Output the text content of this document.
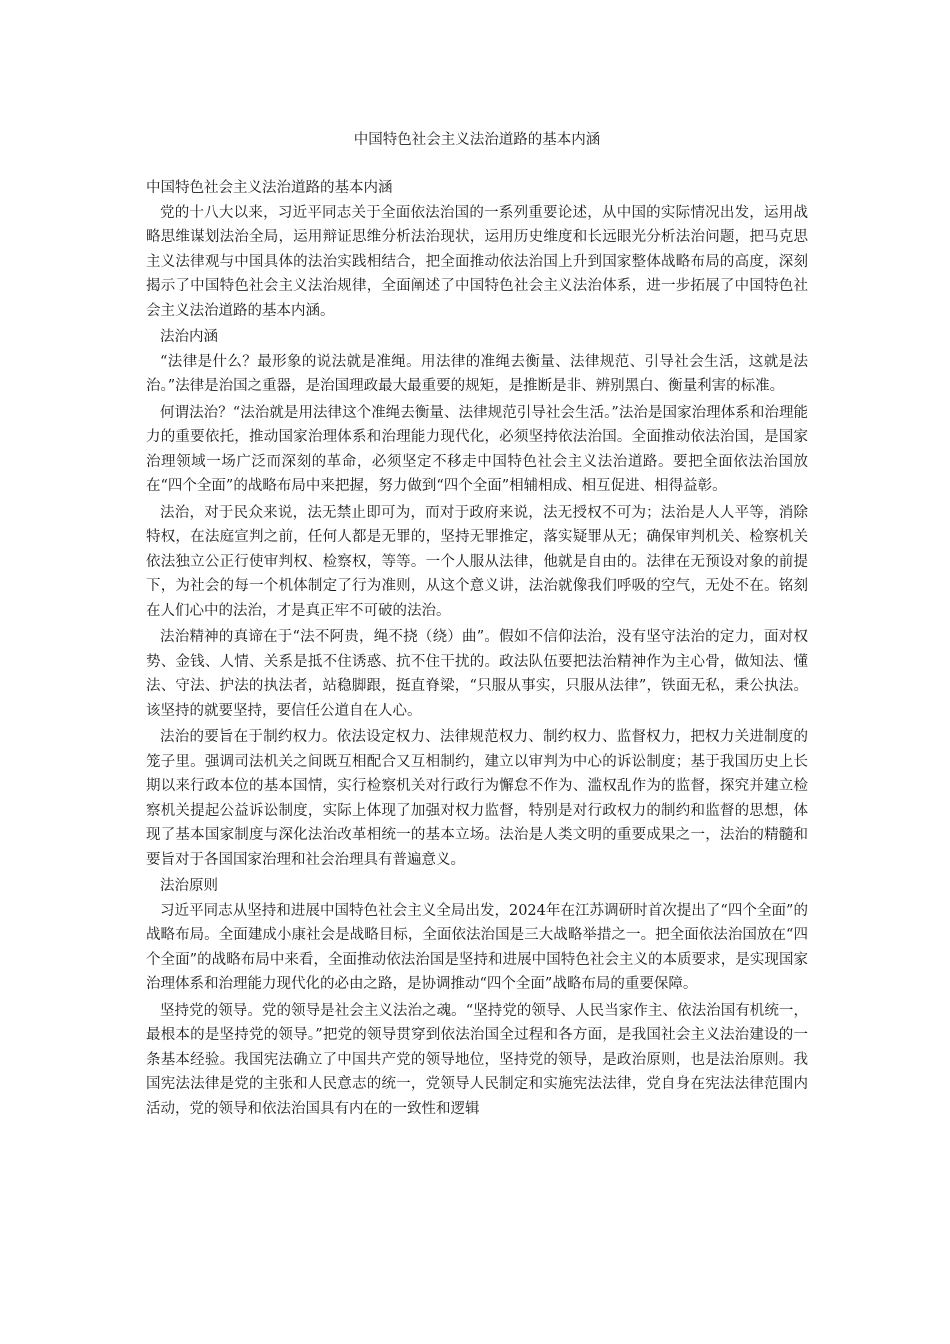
中国特色社会主义法治道路的基本内涵
中国特色社会主义法治道路的基本内涵

党的十八大以来，习近平同志关于全面依法治国的一系列重要论述，从中国的实际情况出发，运用战略思维谋划法治全局，运用辩证思维分析法治现状，运用历史维度和长远眼光分析法治问题，把马克思主义法律观与中国具体的法治实践相结合，把全面推动依法治国上升到国家整体战略布局的高度，深刻揭示了中国特色社会主义法治规律，全面阐述了中国特色社会主义法治体系，进一步拓展了中国特色社会主义法治道路的基本内涵。

法治内涵

“法律是什么？最形象的说法就是准绳。用法律的准绳去衡量、法律规范、引导社会生活，这就是法治。”法律是治国之重器，是治国理政最大最重要的规矩，是推断是非、辨别黑白、衡量利害的标准。

何谓法治？“法治就是用法律这个准绳去衡量、法律规范引导社会生活。”法治是国家治理体系和治理能力的重要依托，推动国家治理体系和治理能力现代化，必须坚持依法治国。全面推动依法治国，是国家治理领域一场广泛而深刻的革命，必须坚定不移走中国特色社会主义法治道路。要把全面依法治国放在“四个全面”的战略布局中来把握，努力做到“四个全面”相辅相成、相互促进、相得益彰。

法治，对于民众来说，法无禁止即可为，而对于政府来说，法无授权不可为；法治是人人平等，消除特权，在法庭宣判之前，任何人都是无罪的，坚持无罪推定，落实疑罪从无；确保审判机关、检察机关依法独立公正行使审判权、检察权，等等。一个人服从法律，他就是自由的。法律在无预设对象的前提下，为社会的每一个机体制定了行为准则，从这个意义讲，法治就像我们呼吸的空气，无处不在。铭刻在人们心中的法治，才是真正牢不可破的法治。

法治精神的真谛在于“法不阿贵，绳不挠（绕）曲”。假如不信仰法治，没有坚守法治的定力，面对权势、金钱、人情、关系是抵不住诱惑、抗不住干扰的。政法队伍要把法治精神作为主心骨，做知法、懂法、守法、护法的执法者，站稳脚跟，挺直脊梁，“只服从事实，只服从法律”，铁面无私，秉公执法。该坚持的就要坚持，要信任公道自在人心。

法治的要旨在于制约权力。依法设定权力、法律规范权力、制约权力、监督权力，把权力关进制度的笼子里。强调司法机关之间既互相配合又互相制约，建立以审判为中心的诉讼制度；基于我国历史上长期以来行政本位的基本国情，实行检察机关对行政行为懈怠不作为、滥权乱作为的监督，探究并建立检察机关提起公益诉讼制度，实际上体现了加强对权力监督，特别是对行政权力的制约和监督的思想，体现了基本国家制度与深化法治改革相统一的基本立场。法治是人类文明的重要成果之一，法治的精髓和要旨对于各国国家治理和社会治理具有普遍意义。

法治原则

习近平同志从坚持和进展中国特色社会主义全局出发，2024年在江苏调研时首次提出了“四个全面”的战略布局。全面建成小康社会是战略目标，全面依法治国是三大战略举措之一。把全面依法治国放在“四个全面”的战略布局中来看，全面推动依法治国是坚持和进展中国特色社会主义的本质要求，是实现国家治理体系和治理能力现代化的必由之路，是协调推动“四个全面”战略布局的重要保障。

坚持党的领导。党的领导是社会主义法治之魂。“坚持党的领导、人民当家作主、依法治国有机统一，最根本的是坚持党的领导。”把党的领导贯穿到依法治国全过程和各方面，是我国社会主义法治建设的一条基本经验。我国宪法确立了中国共产党的领导地位，坚持党的领导，是政治原则，也是法治原则。我国宪法法律是党的主张和人民意志的统一，党领导人民制定和实施宪法法律，党自身在宪法法律范围内活动，党的领导和依法治国具有内在的一致性和逻辑
